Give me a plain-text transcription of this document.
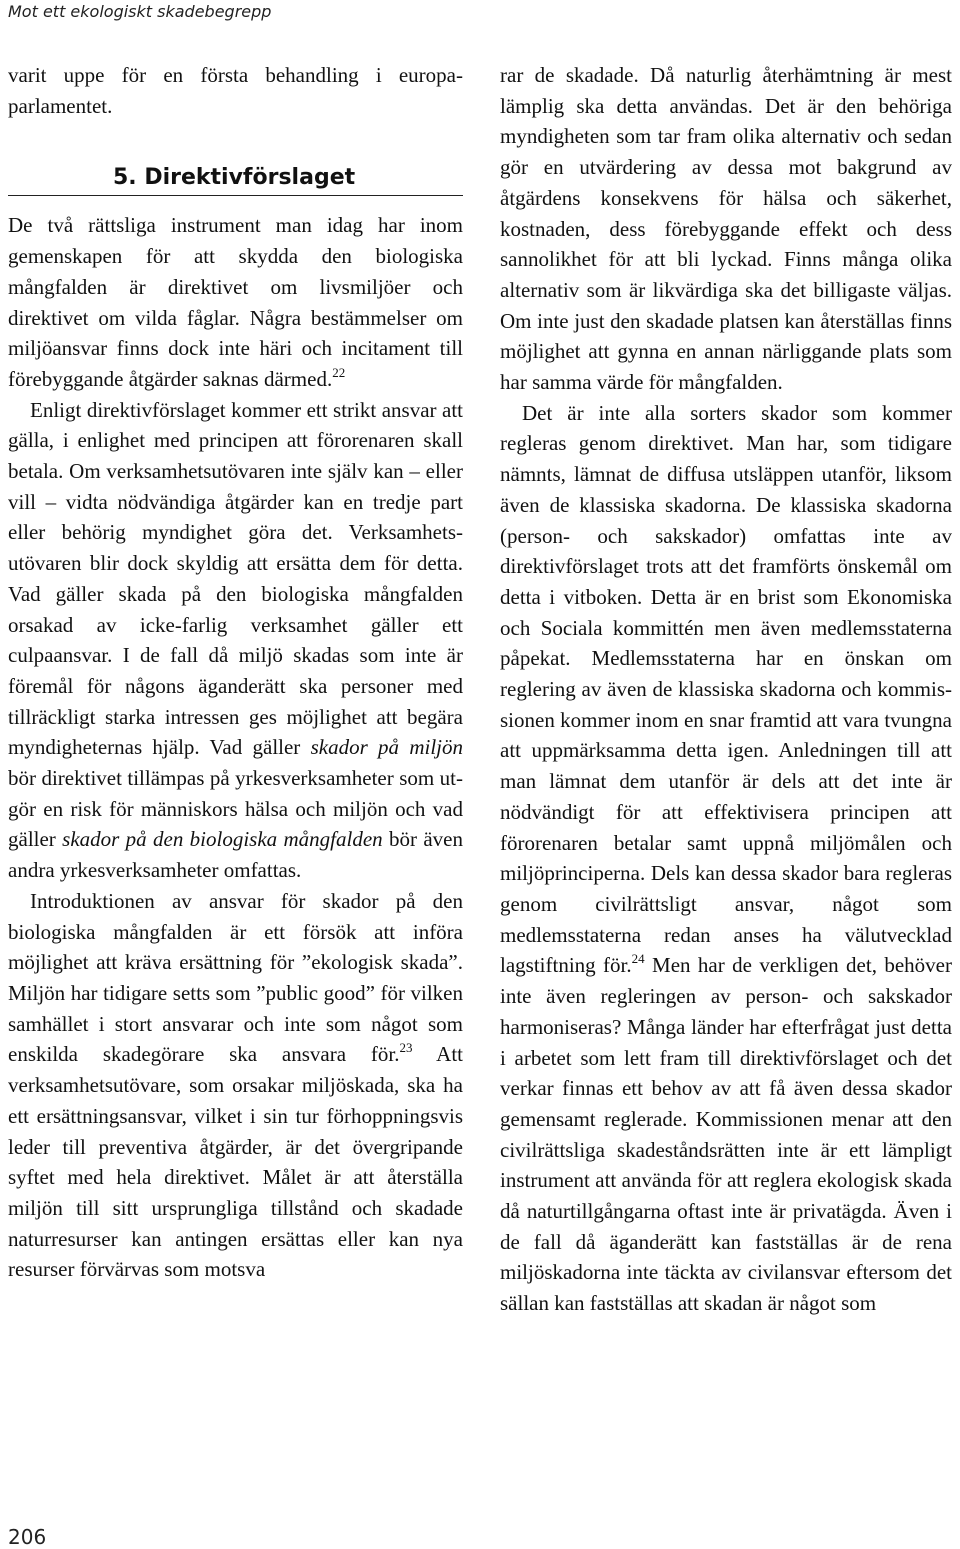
Mot ett ekologiskt skadebegrepp

varit uppe för en första behandling i europaparlamentet.

5. Direktivförslaget

De två rättsliga instrument man idag har inom gemenskapen för att skydda den biologiska mångfalden är direktivet om livsmiljöer och direktivet om vilda fåglar. Några bestämmelser om miljöansvar finns dock inte häri och incitament till förebyggande åtgärder saknas därmed.$^{22}$

Enligt direktivförslaget kommer ett strikt ansvar att gälla, i enlighet med principen att förorenaren skall betala. Om verksamhetsutövaren inte själv kan – eller vill – vidta nödvändiga åtgärder kan en tredje part eller behörig myndighet göra det. Verksamhetsutövaren blir dock skyldig att ersätta dem för detta. Vad gäller skada på den biologiska mångfalden orsakad av icke-farlig verksamhet gäller ett culpaansvar. I de fall då miljö skadas som inte är föremål för någons äganderätt ska personer med tillräckligt starka intressen ges möjlighet att begära myndigheternas hjälp. Vad gäller skador på miljön bör direktivet tillämpas på yrkesverksamheter som utgör en risk för människors hälsa och miljön och vad gäller skador på den biologiska mångfalden bör även andra yrkesverksamheter omfattas.

Introduktionen av ansvar för skador på den biologiska mångfalden är ett försök att införa möjlighet att kräva ersättning för ”ekologisk skada”. Miljön har tidigare setts som ”public good” för vilken samhället i stort ansvarar och inte som något som enskilda skadegörare ska ansvara för.$^{23}$ Att verksamhetsutövare, som orsakar miljöskada, ska ha ett ersättningsansvar, vilket i sin tur förhoppningsvis leder till preventiva åtgärder, är det övergripande syftet med hela direktivet. Målet är att återställa miljön till sitt ursprungliga tillstånd och skadade naturresurser kan antingen ersättas eller kan nya resurser förvärvas som motsva

rar de skadade. Då naturlig återhämtning är mest lämplig ska detta användas. Det är den behöriga myndigheten som tar fram olika alternativ och sedan gör en utvärdering av dessa mot bakgrund av åtgärdens konsekvens för hälsa och säkerhet, kostnaden, dess förebyggande effekt och dess sannolikhet för att bli lyckad. Finns många olika alternativ som är likvärdiga ska det billigaste väljas. Om inte just den skadade platsen kan återställas finns möjlighet att gynna en annan närliggande plats som har samma värde för mångfalden.

Det är inte alla sorters skador som kommer regleras genom direktivet. Man har, som tidigare nämnts, lämnat de diffusa utsläppen utanför, liksom även de klassiska skadorna. De klassiska skadorna (person- och sakskador) omfattas inte av direktivförslaget trots att det framförts önskemål om detta i vitboken. Detta är en brist som Ekonomiska och Sociala kommittén men även medlemsstaterna påpekat. Medlemsstaterna har en önskan om reglering av även de klassiska skadorna och kommissionen kommer inom en snar framtid att vara tvungna att uppmärksamma detta igen. Anledningen till att man lämnat dem utanför är dels att det inte är nödvändigt för att effektivisera principen att förorenaren betalar samt uppnå miljömålen och miljöprinciperna. Dels kan dessa skador bara regleras genom civilrättsligt ansvar, något som medlemsstaterna redan anses ha välutvecklad lagstiftning för.$^{24}$ Men har de verkligen det, behöver inte även regleringen av person- och sakskador harmoniseras? Många länder har efterfrågat just detta i arbetet som lett fram till direktivförslaget och det verkar finnas ett behov av att få även dessa skador gemensamt reglerade. Kommissionen menar att den civilrättsliga skadeståndsrätten inte är ett lämpligt instrument att använda för att reglera ekologisk skada då naturtillgångarna oftast inte är privatägda. Även i de fall då äganderätt kan fastställas är de rena miljöskadorna inte täckta av civilansvar eftersom det sällan kan fastställas att skadan är något som

206
